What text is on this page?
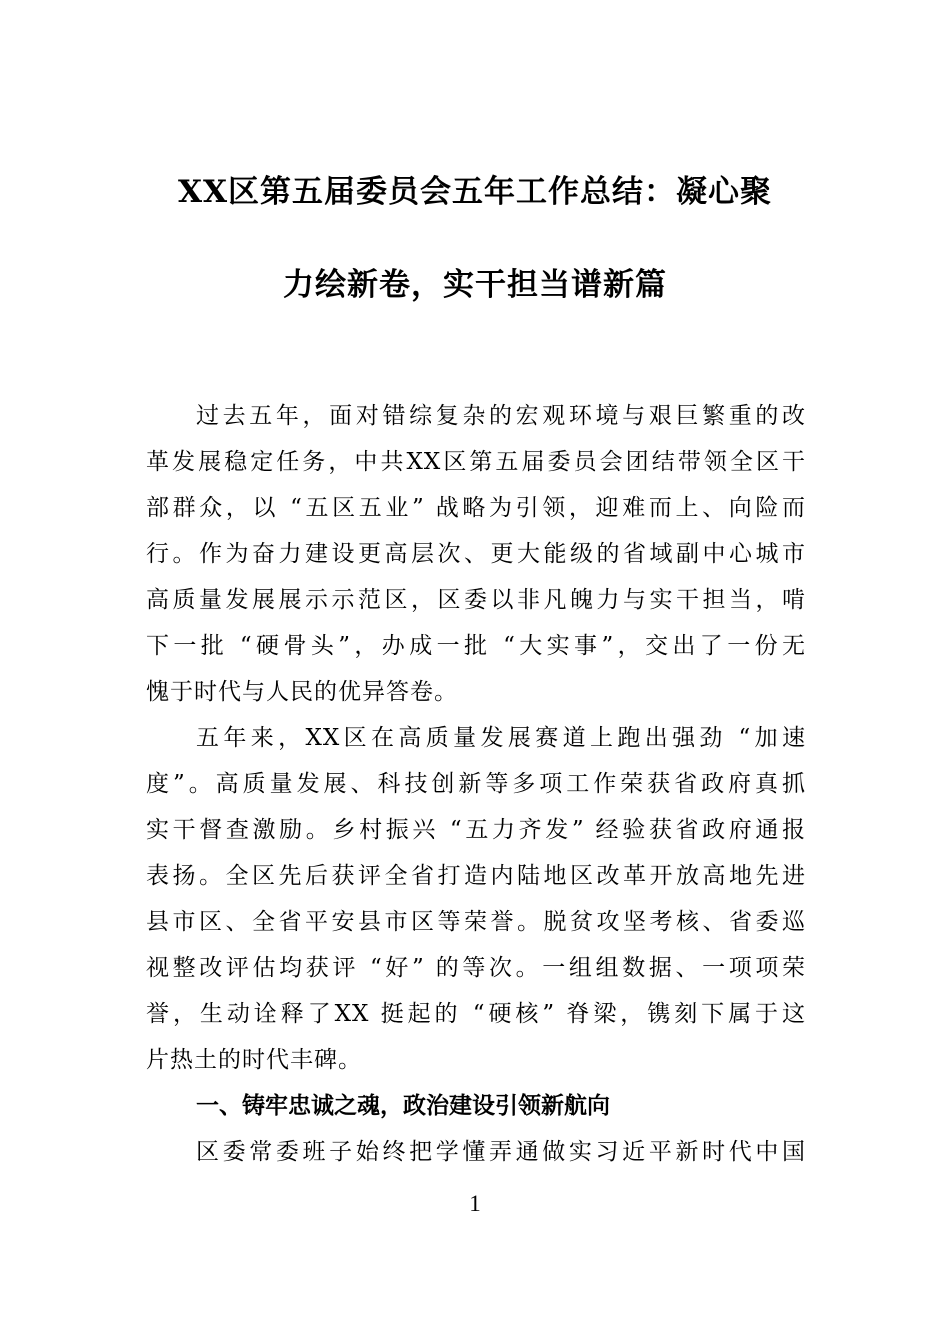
XX区第五届委员会五年工作总结：凝心聚
力绘新卷，实干担当谱新篇
过去五年，面对错综复杂的宏观环境与艰巨繁重的改
革发展稳定任务，中共XX区第五届委员会团结带领全区干
部群众，以 “五区五业” 战略为引领，迎难而上、向险而
行。作为奋力建设更高层次、更大能级的省域副中心城市
高质量发展展示示范区，区委以非凡魄力与实干担当，啃
下一批 “硬骨头”，办成一批 “大实事”，交出了一份无
愧于时代与人民的优异答卷。
五年来，XX区在高质量发展赛道上跑出强劲 “加速
度”。高质量发展、科技创新等多项工作荣获省政府真抓
实干督查激励。乡村振兴 “五力齐发” 经验获省政府通报
表扬。全区先后获评全省打造内陆地区改革开放高地先进
县市区、全省平安县市区等荣誉。脱贫攻坚考核、省委巡
视整改评估均获评 “好” 的等次。一组组数据、一项项荣
誉，生动诠释了XX 挺起的 “硬核” 脊梁，镌刻下属于这
片热土的时代丰碑。
一、铸牢忠诚之魂，政治建设引领新航向
区委常委班子始终把学懂弄通做实习近平新时代中国
1
